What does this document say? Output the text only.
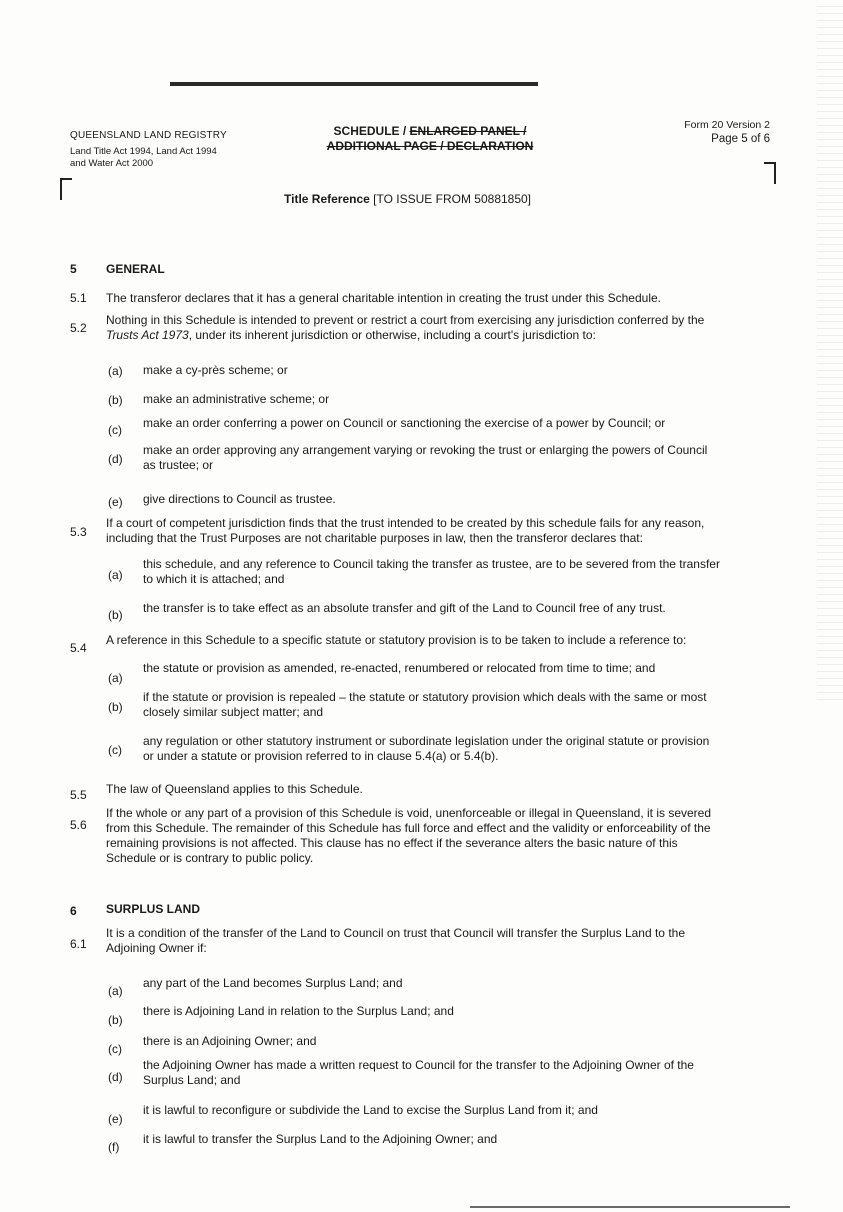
QUEENSLAND LAND REGISTRY
Land Title Act 1994, Land Act 1994
and Water Act 2000
SCHEDULE / ENLARGED PANEL /
ADDITIONAL PAGE / DECLARATION
Form 20 Version 2
Page 5 of 6
Title Reference [TO ISSUE FROM 50881850]
5 GENERAL
5.1 The transferor declares that it has a general charitable intention in creating the trust under this Schedule.
5.2
Nothing in this Schedule is intended to prevent or restrict a court from exercising any jurisdiction conferred by the
Trusts Act 1973, under its inherent jurisdiction or otherwise, including a court's jurisdiction to:
(a) make a cy-près scheme; or
(b) make an administrative scheme; or
(c) make an order conferring a power on Council or sanctioning the exercise of a power by Council; or
(d)
make an order approving any arrangement varying or revoking the trust or enlarging the powers of Council
as trustee; or
(e) give directions to Council as trustee.
5.3
If a court of competent jurisdiction finds that the trust intended to be created by this schedule fails for any reason,
including that the Trust Purposes are not charitable purposes in law, then the transferor declares that:
(a)
this schedule, and any reference to Council taking the transfer as trustee, are to be severed from the transfer
to which it is attached; and
(b) the transfer is to take effect as an absolute transfer and gift of the Land to Council free of any trust.
5.4
A reference in this Schedule to a specific statute or statutory provision is to be taken to include a reference to:
(a)
the statute or provision as amended, re-enacted, renumbered or relocated from time to time; and
(b)
if the statute or provision is repealed – the statute or statutory provision which deals with the same or most
closely similar subject matter; and
(c)
any regulation or other statutory instrument or subordinate legislation under the original statute or provision
or under a statute or provision referred to in clause 5.4(a) or 5.4(b).
5.5 The law of Queensland applies to this Schedule.
5.6
If the whole or any part of a provision of this Schedule is void, unenforceable or illegal in Queensland, it is severed
from this Schedule. The remainder of this Schedule has full force and effect and the validity or enforceability of the
remaining provisions is not affected. This clause has no effect if the severance alters the basic nature of this
Schedule or is contrary to public policy.
6 SURPLUS LAND
6.1
It is a condition of the transfer of the Land to Council on trust that Council will transfer the Surplus Land to the
Adjoining Owner if:
(a)
any part of the Land becomes Surplus Land; and
(b)
there is Adjoining Land in relation to the Surplus Land; and
(c)
there is an Adjoining Owner; and
(d)
the Adjoining Owner has made a written request to Council for the transfer to the Adjoining Owner of the
Surplus Land; and
(e)
it is lawful to reconfigure or subdivide the Land to excise the Surplus Land from it; and
(f)
it is lawful to transfer the Surplus Land to the Adjoining Owner; and
